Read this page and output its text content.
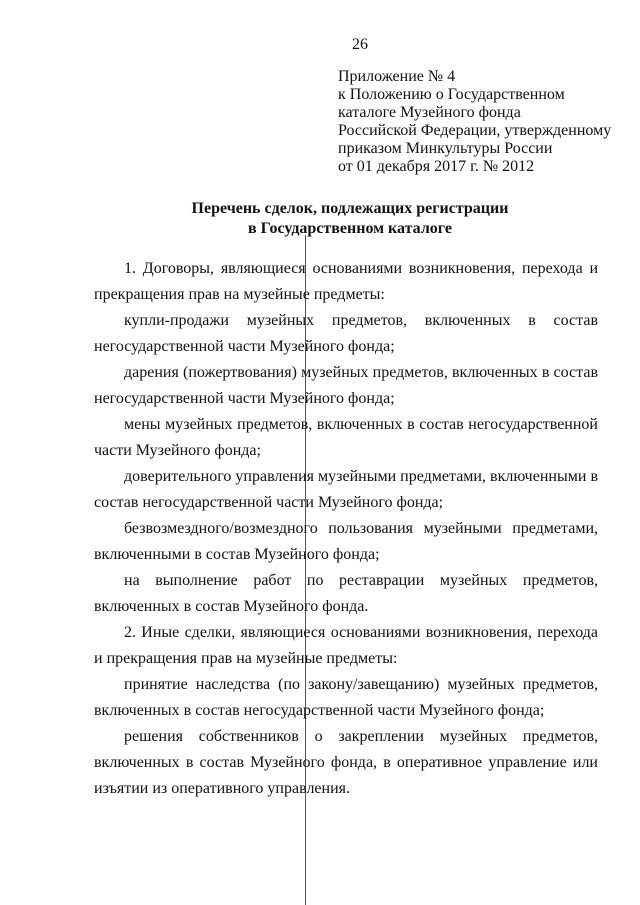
26
Приложение № 4
к Положению о Государственном
каталоге Музейного фонда
Российской Федерации, утвержденному
приказом Минкультуры России
от 01 декабря 2017 г. № 2012
Перечень сделок, подлежащих регистрации
в Государственном каталоге

1. Договоры, являющиеся основаниями возникновения, перехода и прекращения прав на музейные предметы:

купли-продажи музейных предметов, включенных в состав негосударственной части Музейного фонда;

дарения (пожертвования) музейных предметов, включенных в состав негосударственной части Музейного фонда;

мены музейных предметов, включенных в состав негосударственной части Музейного фонда;

доверительного управления музейными предметами, включенными в состав негосударственной части Музейного фонда;

безвозмездного/возмездного пользования музейными предметами, включенными в состав Музейного фонда;

на выполнение работ по реставрации музейных предметов, включенных в состав Музейного фонда.

2. Иные сделки, являющиеся основаниями возникновения, перехода и прекращения прав на музейные предметы:

принятие наследства (по закону/завещанию) музейных предметов, включенных в состав негосударственной части Музейного фонда;

решения собственников о закреплении музейных предметов, включенных в состав Музейного фонда, в оперативное управление или изъятии из оперативного управления.
